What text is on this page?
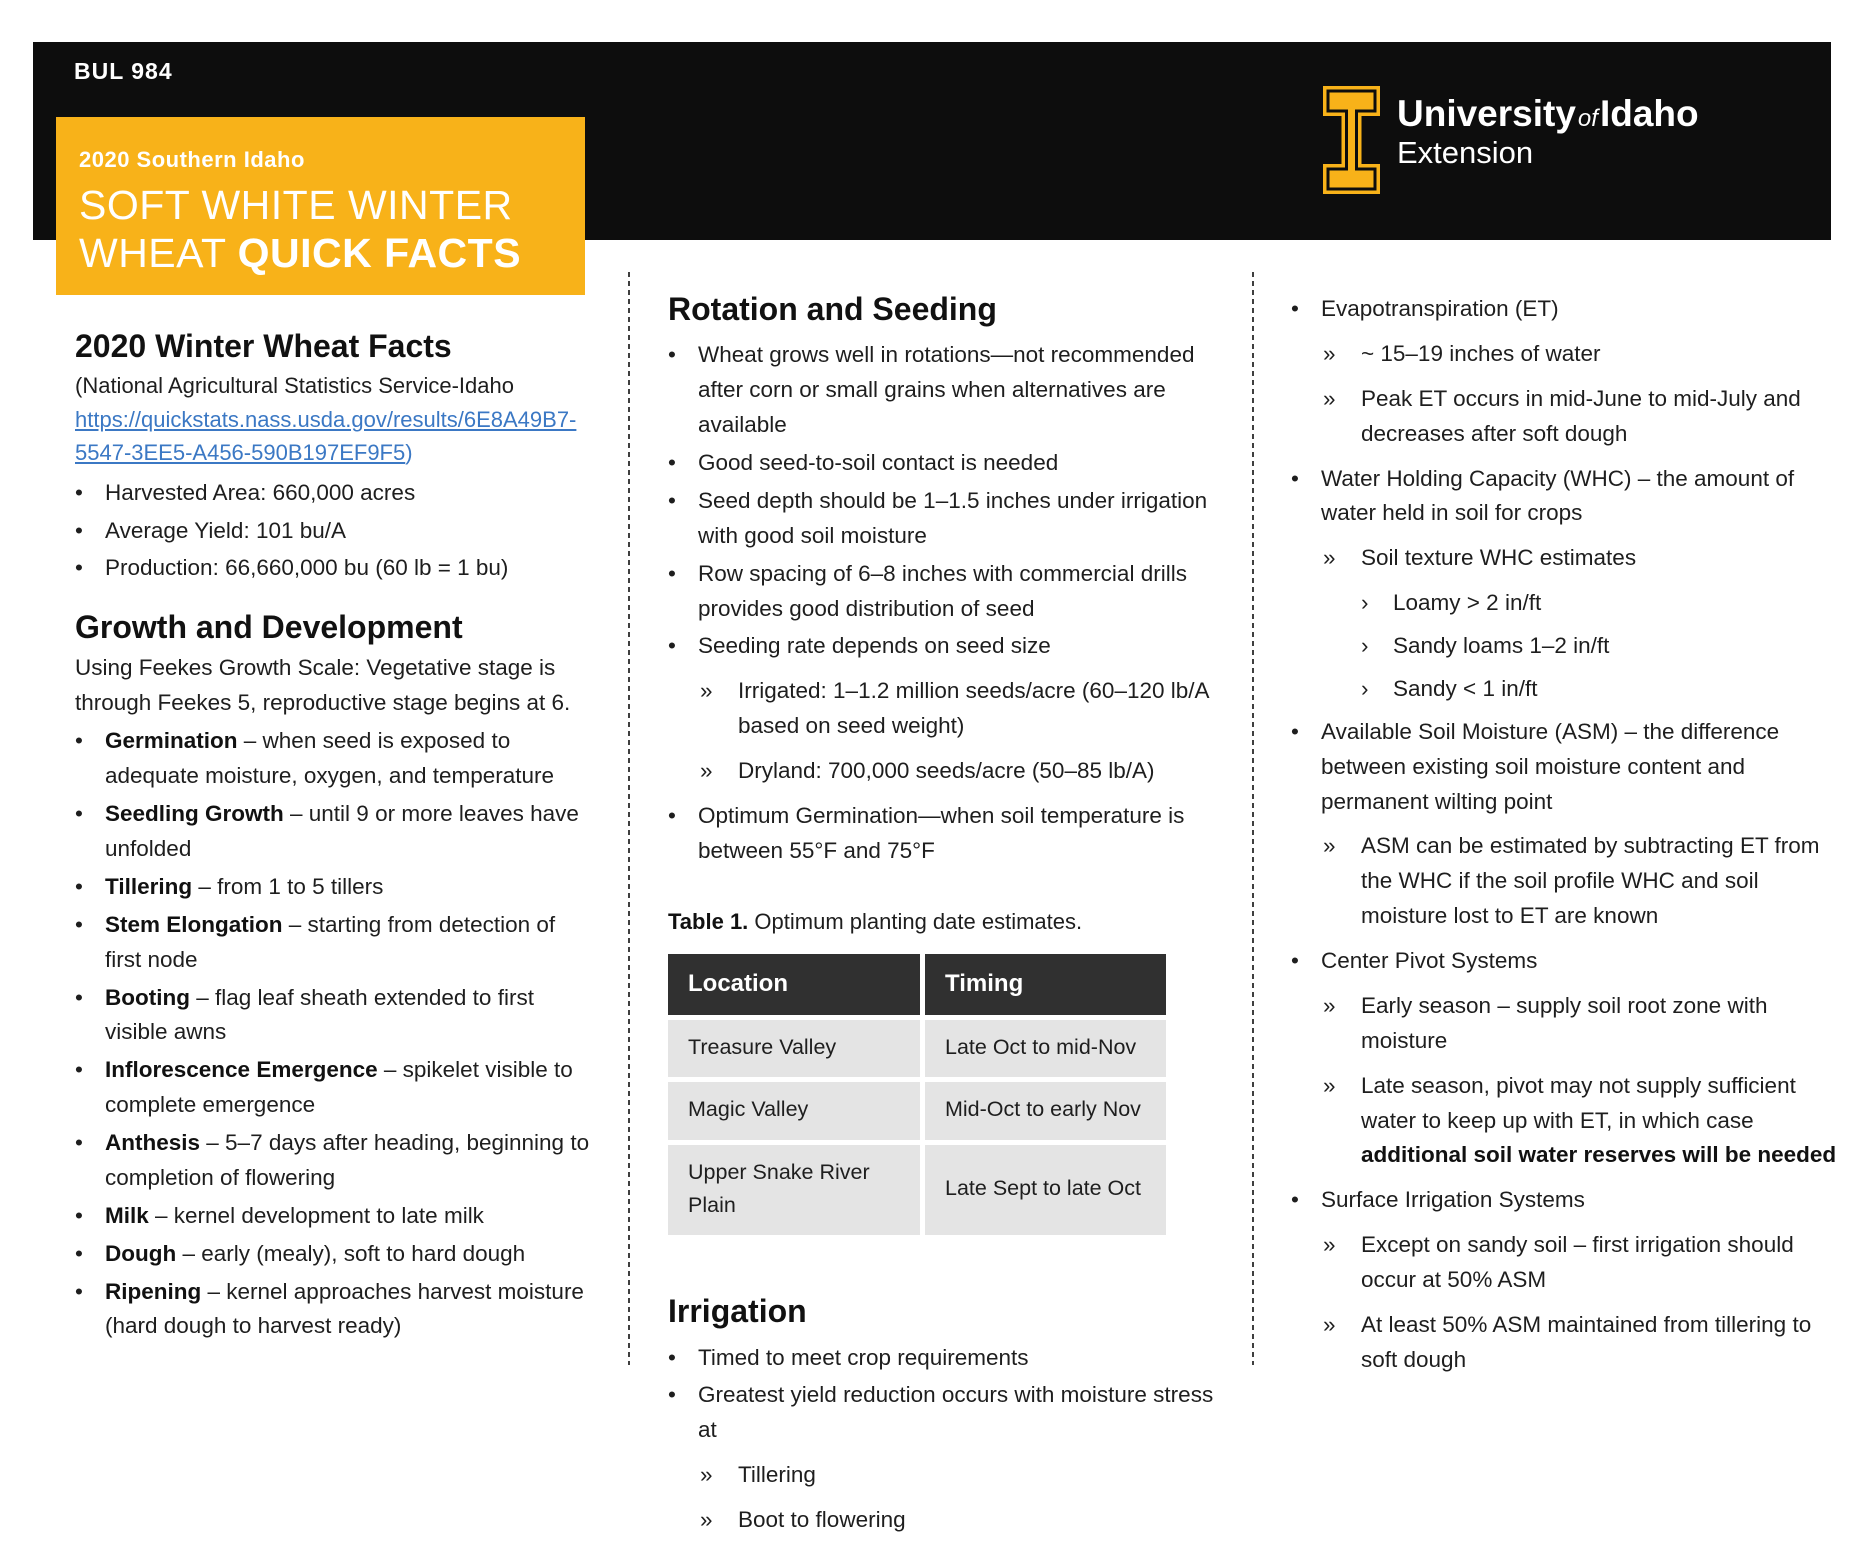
BUL 984
2020 Southern Idaho
SOFT WHITE WINTER
WHEAT QUICK FACTS
UniversityofIdaho
Extension
2020 Winter Wheat Facts

(National Agricultural Statistics Service-Idaho
https://quickstats.nass.usda.gov/results/6E8A49B7-5547-3EE5-A456-590B197EF9F5)

• Harvested Area: 660,000 acres
• Average Yield: 101 bu/A
• Production: 66,660,000 bu (60 lb = 1 bu)
Growth and Development

Using Feekes Growth Scale: Vegetative stage is through Feekes 5, reproductive stage begins at 6.

• Germination – when seed is exposed to adequate moisture, oxygen, and temperature
• Seedling Growth – until 9 or more leaves have unfolded
• Tillering – from 1 to 5 tillers
• Stem Elongation – starting from detection of first node
• Booting – flag leaf sheath extended to first visible awns
• Inflorescence Emergence – spikelet visible to complete emergence
• Anthesis – 5–7 days after heading, beginning to completion of flowering
• Milk – kernel development to late milk
• Dough – early (mealy), soft to hard dough
• Ripening – kernel approaches harvest moisture (hard dough to harvest ready)
Rotation and Seeding
• Wheat grows well in rotations—not recommended after corn or small grains when alternatives are available
• Good seed-to-soil contact is needed
• Seed depth should be 1–1.5 inches under irrigation with good soil moisture
• Row spacing of 6–8 inches with commercial drills provides good distribution of seed
• Seeding rate depends on seed size
» Irrigated: 1–1.2 million seeds/acre (60–120 lb/A based on seed weight)
» Dryland: 700,000 seeds/acre (50–85 lb/A)
• Optimum Germination—when soil temperature is between 55°F and 75°F

Table 1. Optimum planting date estimates.

Location	Timing
Treasure Valley	Late Oct to mid-Nov
Magic Valley	Mid-Oct to early Nov
Upper Snake River Plain	Late Sept to late Oct
Irrigation
• Timed to meet crop requirements
• Greatest yield reduction occurs with moisture stress at
» Tillering
» Boot to flowering
• Evapotranspiration (ET)
» ~ 15–19 inches of water
» Peak ET occurs in mid-June to mid-July and decreases after soft dough
• Water Holding Capacity (WHC) – the amount of water held in soil for crops
» Soil texture WHC estimates
› Loamy > 2 in/ft
› Sandy loams 1–2 in/ft
› Sandy < 1 in/ft
• Available Soil Moisture (ASM) – the difference between existing soil moisture content and permanent wilting point
» ASM can be estimated by subtracting ET from the WHC if the soil profile WHC and soil moisture lost to ET are known
• Center Pivot Systems
» Early season – supply soil root zone with moisture
» Late season, pivot may not supply sufficient water to keep up with ET, in which case additional soil water reserves will be needed
• Surface Irrigation Systems
» Except on sandy soil – first irrigation should occur at 50% ASM
» At least 50% ASM maintained from tillering to soft dough
